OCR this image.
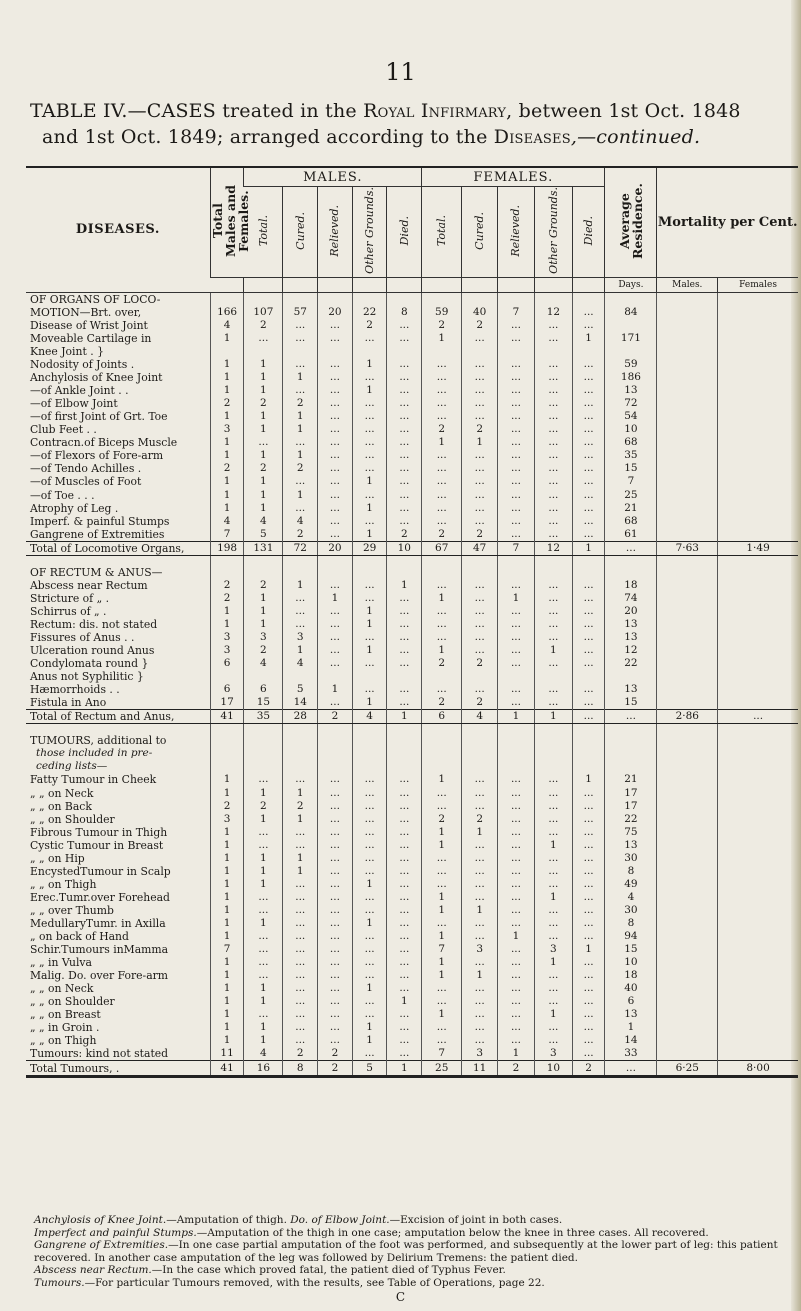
11
TABLE IV.—CASES treated in the Royal Infirmary, between 1st Oct. 1848
and 1st Oct. 1849; arranged according to the Diseases,—continued.
DISEASES.	Total Males and Females.	MALES.					FEMALES.					Average Residence.	Mortality per Cent.	
		Total.	Cured.	Relieved.	Other Grounds.	Died.	Total.	Cured.	Relieved.	Other Grounds.	Died.			
												Days.	Males.	Females
OF ORGANS OF LOCO-														
MOTION—Brt. over,	166	107	57	20	22	8	59	40	7	12	...	84		
Disease of Wrist Joint	4	2	...	...	2	...	2	2	...	...	...			
Moveable Cartilage in	1	...	...	...	...	...	1	...	...	...	1	171		
Knee Joint . }														
Nodosity of Joints .	1	1	...	...	1	...	...	...	...	...	...	59		
Anchylosis of Knee Joint	1	1	1	...	...	...	...	...	...	...	...	186		
—of Ankle Joint . .	1	1	...	...	1	...	...	...	...	...	...	13		
—of Elbow Joint	2	2	2	...	...	...	...	...	...	...	...	72		
—of first Joint of Grt. Toe	1	1	1	...	...	...	...	...	...	...	...	54		
Club Feet . .	3	1	1	...	...	...	2	2	...	...	...	10		
Contracn.of Biceps Muscle	1	...	...	...	...	...	1	1	...	...	...	68		
—of Flexors of Fore-arm	1	1	1	...	...	...	...	...	...	...	...	35		
—of Tendo Achilles .	2	2	2	...	...	...	...	...	...	...	...	15		
—of Muscles of Foot	1	1	...	...	1	...	...	...	...	...	...	7		
—of Toe . . .	1	1	1	...	...	...	...	...	...	...	...	25		
Atrophy of Leg .	1	1	...	...	1	...	...	...	...	...	...	21		
Imperf. & painful Stumps	4	4	4	...	...	...	...	...	...	...	...	68		
Gangrene of Extremities	7	5	2	...	1	2	2	2	...	...	...	61		
Total of Locomotive Organs,	198	131	72	20	29	10	67	47	7	12	1	...	7·63	1·49

OF RECTUM & ANUS—														
Abscess near Rectum	2	2	1	...	...	1	...	...	...	...	...	18		
Stricture of „ .	2	1	...	1	...	...	1	...	1	...	...	74		
Schirrus of „ .	1	1	...	...	1	...	...	...	...	...	...	20		
Rectum: dis. not stated	1	1	...	...	1	...	...	...	...	...	...	13		
Fissures of Anus . .	3	3	3	...	...	...	...	...	...	...	...	13		
Ulceration round Anus	3	2	1	...	1	...	1	...	...	1	...	12		
Condylomata round }	6	4	4	...	...	...	2	2	...	...	...	22		
Anus not Syphilitic }														
Hæmorrhoids . .	6	6	5	1	...	...	...	...	...	...	...	13		
Fistula in Ano	17	15	14	...	1	...	2	2	...	...	...	15		
Total of Rectum and Anus,	41	35	28	2	4	1	6	4	1	1	...	...	2·86	...

TUMOURS, additional to														
those included in pre-														
ceding lists—														
Fatty Tumour in Cheek	1	...	...	...	...	...	1	...	...	...	1	21		
„ „ on Neck	1	1	1	...	...	...	...	...	...	...	...	17		
„ „ on Back	2	2	2	...	...	...	...	...	...	...	...	17		
„ „ on Shoulder	3	1	1	...	...	...	2	2	...	...	...	22		
Fibrous Tumour in Thigh	1	...	...	...	...	...	1	1	...	...	...	75		
Cystic Tumour in Breast	1	...	...	...	...	...	1	...	...	1	...	13		
„ „ on Hip	1	1	1	...	...	...	...	...	...	...	...	30		
EncystedTumour in Scalp	1	1	1	...	...	...	...	...	...	...	...	8		
„ „ on Thigh	1	1	...	...	1	...	...	...	...	...	...	49		
Erec.Tumr.over Forehead	1	...	...	...	...	...	1	...	...	1	...	4		
„ „ over Thumb	1	...	...	...	...	...	1	1	...	...	...	30		
MedullaryTumr. in Axilla	1	1	...	...	1	...	...	...	...	...	...	8		
„ on back of Hand	1	...	...	...	...	...	1	...	1	...	...	94		
Schir.Tumours inMamma	7	...	...	...	...	...	7	3	...	3	1	15		
„ „ in Vulva	1	...	...	...	...	...	1	...	...	1	...	10		
Malig. Do. over Fore-arm	1	...	...	...	...	...	1	1	...	...	...	18		
„ „ on Neck	1	1	...	...	1	...	...	...	...	...	...	40		
„ „ on Shoulder	1	1	...	...	...	1	...	...	...	...	...	6		
„ „ on Breast	1	...	...	...	...	...	1	...	...	1	...	13		
„ „ in Groin .	1	1	...	...	1	...	...	...	...	...	...	1		
„ „ on Thigh	1	1	...	...	1	...	...	...	...	...	...	14		
Tumours: kind not stated	11	4	2	2	...	...	7	3	1	3	...	33		
Total Tumours, .	41	16	8	2	5	1	25	11	2	10	2	...	6·25	8·00

Anchylosis of Knee Joint.—Amputation of thigh. Do. of Elbow Joint.—Excision of joint in both cases.

Imperfect and painful Stumps.—Amputation of the thigh in one case; amputation below the knee in three cases. All recovered.

Gangrene of Extremities.—In one case partial amputation of the foot was performed, and subsequently at the lower part of leg: this patient recovered. In another case amputation of the leg was followed by Delirium Tremens: the patient died.

Abscess near Rectum.—In the case which proved fatal, the patient died of Typhus Fever.

Tumours.—For particular Tumours removed, with the results, see Table of Operations, page 22.

C
